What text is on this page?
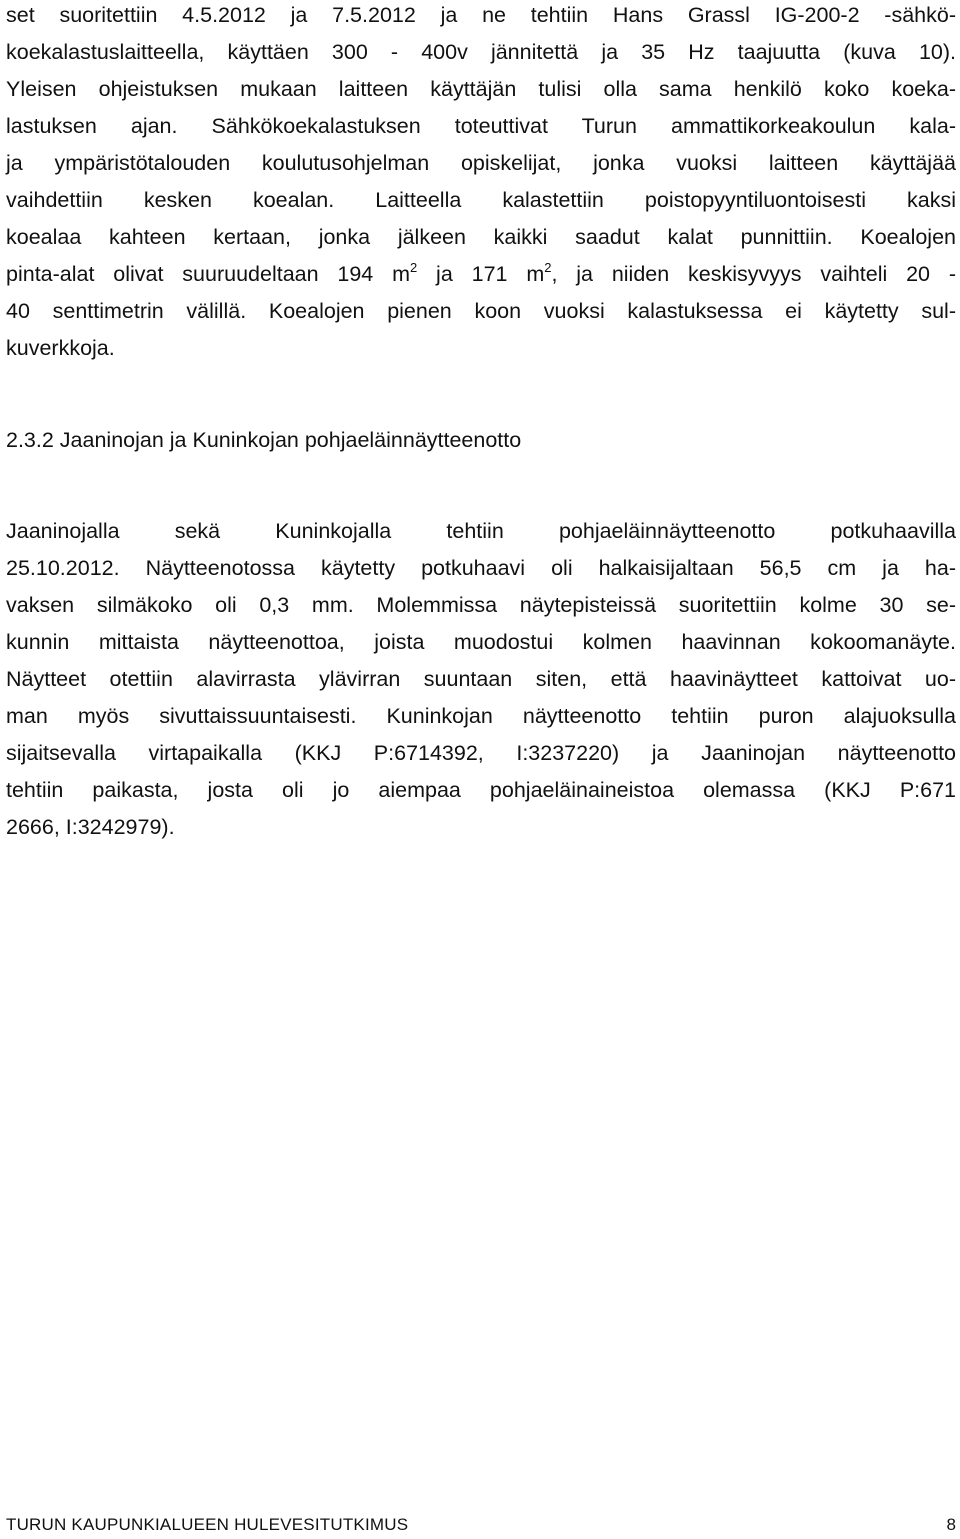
set suoritettiin 4.5.2012 ja 7.5.2012 ja ne tehtiin Hans Grassl IG-200-2 -sähkö-
koekalastuslaitteella, käyttäen 300 - 400v jännitettä ja 35 Hz taajuutta (kuva 10).
Yleisen ohjeistuksen mukaan laitteen käyttäjän tulisi olla sama henkilö koko koeka-
lastuksen ajan. Sähkökoekalastuksen toteuttivat Turun ammattikorkeakoulun kala-
ja ympäristötalouden koulutusohjelman opiskelijat, jonka vuoksi laitteen käyttäjää
vaihdettiin kesken koealan. Laitteella kalastettiin poistopyyntiluontoisesti kaksi
koealaa kahteen kertaan, jonka jälkeen kaikki saadut kalat punnittiin. Koealojen
pinta-alat olivat suuruudeltaan 194 $m^2$ ja 171 $m^2$, ja niiden keskisyvyys vaihteli 20 -
40 senttimetrin välillä. Koealojen pienen koon vuoksi kalastuksessa ei käytetty sul-
kuverkkoja.
2.3.2 Jaaninojan ja Kuninkojan pohjaeläinnäytteenotto
Jaaninojalla sekä Kuninkojalla tehtiin pohjaeläinnäytteenotto potkuhaavilla
25.10.2012. Näytteenotossa käytetty potkuhaavi oli halkaisijaltaan 56,5 cm ja ha-
vaksen silmäkoko oli 0,3 mm. Molemmissa näytepisteissä suoritettiin kolme 30 se-
kunnin mittaista näytteenottoa, joista muodostui kolmen haavinnan kokoomanäyte.
Näytteet otettiin alavirrasta ylävirran suuntaan siten, että haavinäytteet kattoivat uo-
man myös sivuttaissuuntaisesti. Kuninkojan näytteenotto tehtiin puron alajuoksulla
sijaitsevalla virtapaikalla (KKJ P:6714392, I:3237220) ja Jaaninojan näytteenotto
tehtiin paikasta, josta oli jo aiempaa pohjaeläinaineistoa olemassa (KKJ P:671
2666, I:3242979).
TURUN KAUPUNKIALUEEN HULEVESITUTKIMUS	8
